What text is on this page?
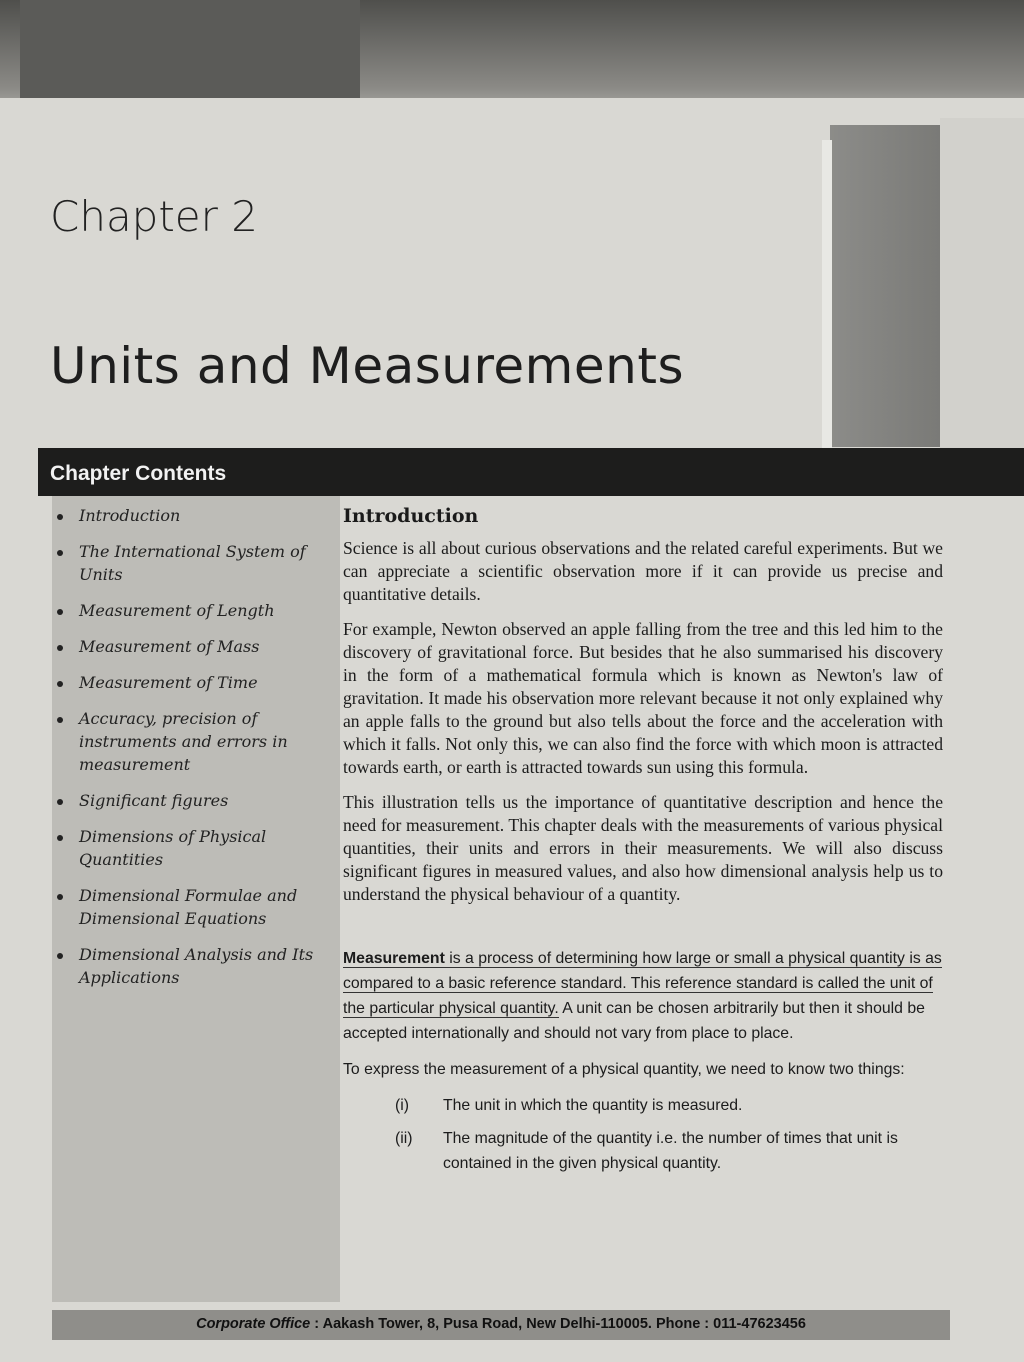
Chapter 2
Units and Measurements
Chapter Contents
Introduction
The International System of Units
Measurement of Length
Measurement of Mass
Measurement of Time
Accuracy, precision of instruments and errors in measurement
Significant figures
Dimensions of Physical Quantities
Dimensional Formulae and Dimensional Equations
Dimensional Analysis and Its Applications
Introduction

Science is all about curious observations and the related careful experiments. But we can appreciate a scientific observation more if it can provide us precise and quantitative details.

For example, Newton observed an apple falling from the tree and this led him to the discovery of gravitational force. But besides that he also summarised his discovery in the form of a mathematical formula which is known as Newton's law of gravitation. It made his observation more relevant because it not only explained why an apple falls to the ground but also tells about the force and the acceleration with which it falls. Not only this, we can also find the force with which moon is attracted towards earth, or earth is attracted towards sun using this formula.

This illustration tells us the importance of quantitative description and hence the need for measurement. This chapter deals with the measurements of various physical quantities, their units and errors in their measurements. We will also discuss significant figures in measured values, and also how dimensional analysis help us to understand the physical behaviour of a quantity.

Measurement is a process of determining how large or small a physical quantity is as compared to a basic reference standard. This reference standard is called the unit of the particular physical quantity. A unit can be chosen arbitrarily but then it should be accepted internationally and should not vary from place to place.

To express the measurement of a physical quantity, we need to know two things:

(i) The unit in which the quantity is measured.
(ii) The magnitude of the quantity i.e. the number of times that unit is contained in the given physical quantity.
Corporate Office : Aakash Tower, 8, Pusa Road, New Delhi-110005. Phone : 011-47623456
